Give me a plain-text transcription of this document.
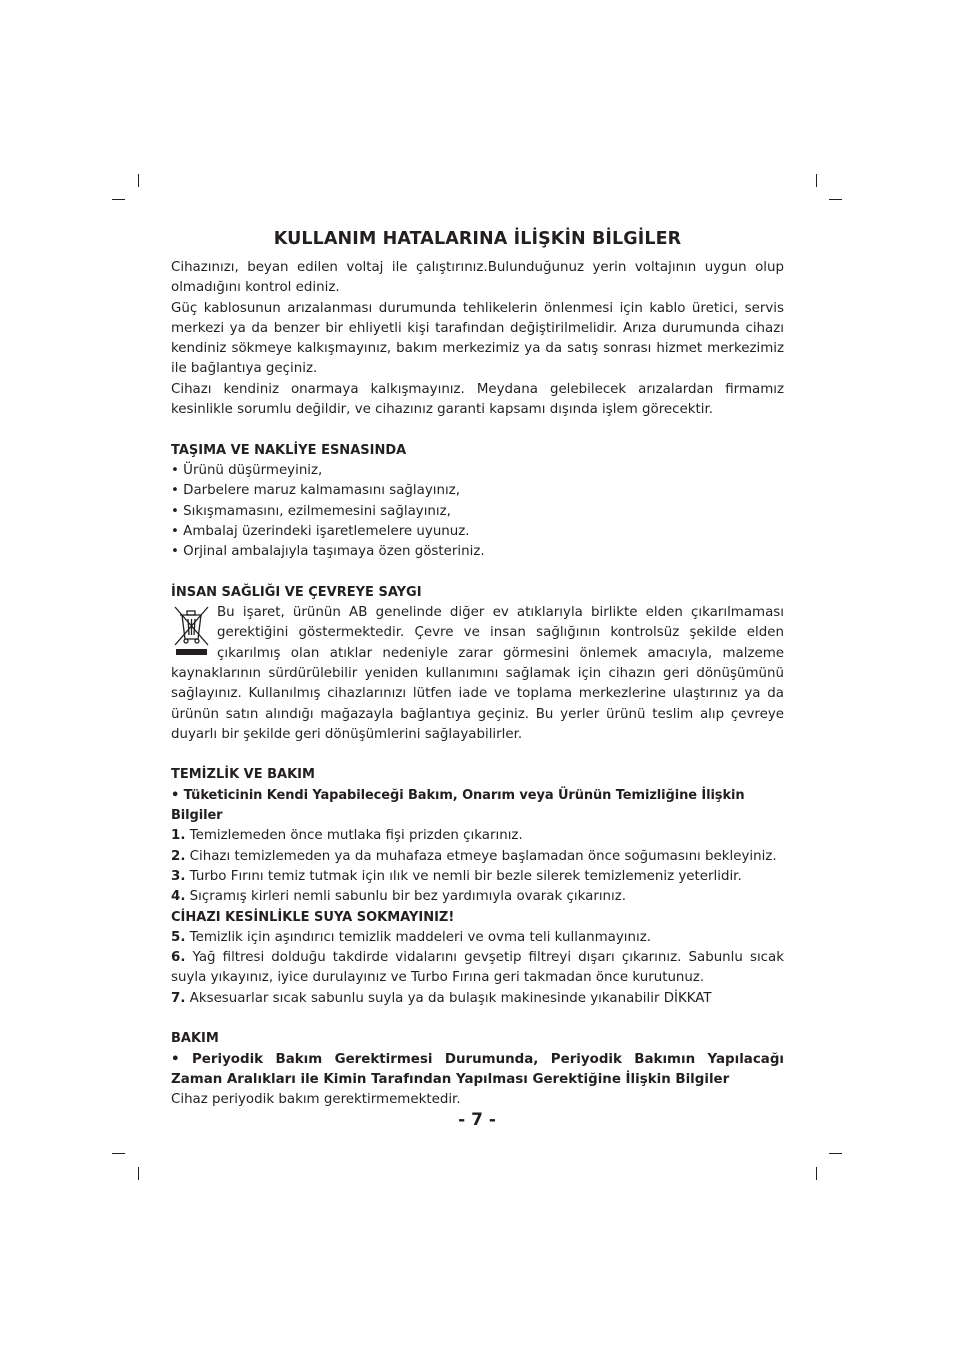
KULLANIM HATALARINA İLİŞKİN BİLGİLER

Cihazınızı, beyan edilen voltaj ile çalıştırınız.Bulunduğunuz yerin voltajının uygun olup olmadığını kontrol ediniz.

Güç kablosunun arızalanması durumunda tehlikelerin önlenmesi için kablo üretici, servis merkezi ya da benzer bir ehliyetli kişi tarafından değiştirilmelidir. Arıza durumunda cihazı kendiniz sökmeye kalkışmayınız, bakım merkezimiz ya da satış sonrası hizmet merkezimiz ile bağlantıya geçiniz.

Cihazı kendiniz onarmaya kalkışmayınız. Meydana gelebilecek arızalardan firmamız kesinlikle sorumlu değildir, ve cihazınız garanti kapsamı dışında işlem görecektir.

TAŞIMA VE NAKLİYE ESNASINDA
• Ürünü düşürmeyiniz,
• Darbelere maruz kalmamasını sağlayınız,
• Sıkışmamasını, ezilmemesini sağlayınız,
• Ambalaj üzerindeki işaretlemelere uyunuz.
• Orjinal ambalajıyla taşımaya özen gösteriniz.
İNSAN SAĞLIĞI VE ÇEVREYE SAYGI

Bu işaret, ürünün AB genelinde diğer ev atıklarıyla birlikte elden çıkarılmaması gerektiğini göstermektedir. Çevre ve insan sağlığının kontrolsüz şekilde elden çıkarılmış olan atıklar nedeniyle zarar görmesini önlemek amacıyla, malzeme kaynaklarının sürdürülebilir yeniden kullanımını sağlamak için cihazın geri dönüşümünü sağlayınız. Kullanılmış cihazlarınızı lütfen iade ve toplama merkezlerine ulaştırınız ya da ürünün satın alındığı mağazayla bağlantıya geçiniz. Bu yerler ürünü teslim alıp çevreye duyarlı bir şekilde geri dönüşümlerini sağlayabilirler.

TEMİZLİK VE BAKIM
• Tüketicinin Kendi Yapabileceği Bakım, Onarım veya Ürünün Temizliğine İlişkin Bilgiler
1. Temizlemeden önce mutlaka fişi prizden çıkarınız.
2. Cihazı temizlemeden ya da muhafaza etmeye başlamadan önce soğumasını bekleyiniz.
3. Turbo Fırını temiz tutmak için ılık ve nemli bir bezle silerek temizlemeniz yeterlidir.
4. Sıçramış kirleri nemli sabunlu bir bez yardımıyla ovarak çıkarınız.
CİHAZI KESİNLİKLE SUYA SOKMAYINIZ!
5. Temizlik için aşındırıcı temizlik maddeleri ve ovma teli kullanmayınız.

6. Yağ filtresi dolduğu takdirde vidalarını gevşetip filtreyi dışarı çıkarınız. Sabunlu sıcak suyla yıkayınız, iyice durulayınız ve Turbo Fırına geri takmadan önce kurutunuz.

7. Aksesuarlar sıcak sabunlu suyla ya da bulaşık makinesinde yıkanabilir DİKKAT
BAKIM

• Periyodik Bakım Gerektirmesi Durumunda, Periyodik Bakımın Yapılacağı Zaman Aralıkları ile Kimin Tarafından Yapılması Gerektiğine İlişkin Bilgiler

Cihaz periyodik bakım gerektirmemektedir.
- 7 -
